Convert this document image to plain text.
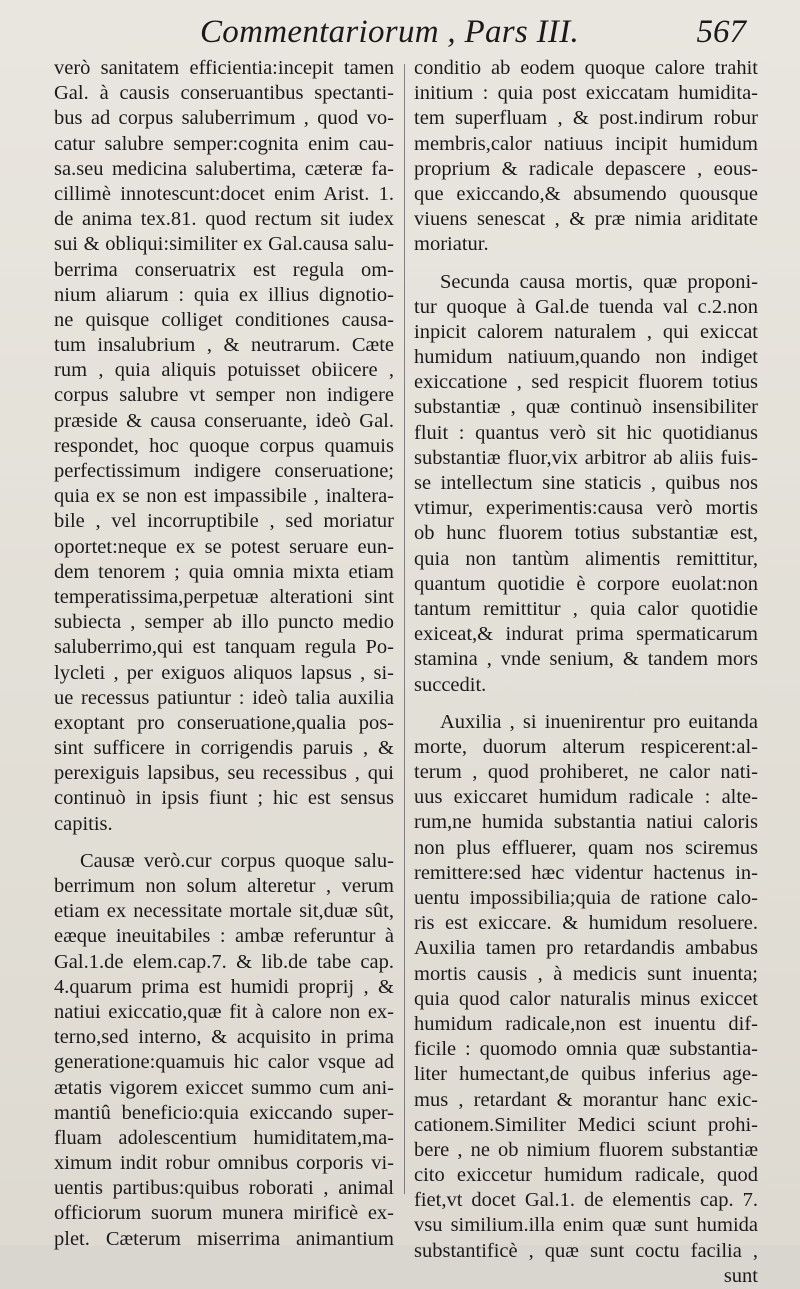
Commentariorum , Pars III.	567
verò sanitatem efficientia:incepit tamen
Gal. à causis conseruantibus spectanti-
bus ad corpus saluberrimum , quod vo-
catur salubre semper:cognita enim cau-
sa.seu medicina salubertima, cæteræ fa-
cillimè innotescunt:docet enim Arist. 1.
de anima tex.81. quod rectum sit iudex
sui & obliqui:similiter ex Gal.causa salu-
berrima conseruatrix est regula om-
nium aliarum : quia ex illius dignotio-
ne quisque colliget conditiones causa-
tum insalubrium , & neutrarum. Cæte
rum , quia aliquis potuisset obiicere ,
corpus salubre vt semper non indigere
præside & causa conseruante, ideò Gal.
respondet, hoc quoque corpus quamuis
perfectissimum indigere conseruatione;
quia ex se non est impassibile , inaltera-
bile , vel incorruptibile , sed moriatur
oportet:neque ex se potest seruare eun-
dem tenorem ; quia omnia mixta etiam
temperatissima,perpetuæ alterationi sint
subiecta , semper ab illo puncto medio
saluberrimo,qui est tanquam regula Po-
lycleti , per exiguos aliquos lapsus , si-
ue recessus patiuntur : ideò talia auxilia
exoptant pro conseruatione,qualia pos-
sint sufficere in corrigendis paruis , &
perexiguis lapsibus, seu recessibus , qui
continuò in ipsis fiunt ; hic est sensus
capitis.
Causæ verò.cur corpus quoque salu-
berrimum non solum alteretur , verum
etiam ex necessitate mortale sit,duæ sût,
eæque ineuitabiles : ambæ referuntur à
Gal.1.de elem.cap.7. & lib.de tabe cap.
4.quarum prima est humidi proprij , &
natiui exiccatio,quæ fit à calore non ex-
terno,sed interno, & acquisito in prima
generatione:quamuis hic calor vsque ad
ætatis vigorem exiccet summo cum ani-
mantiû beneficio:quia exiccando super-
fluam adolescentium humiditatem,ma-
ximum indit robur omnibus corporis vi-
uentis partibus:quibus roborati , animal
officiorum suorum munera mirificè ex-
plet. Cæterum miserrima animantium
conditio ab eodem quoque calore trahit
initium : quia post exiccatam humidita-
tem superfluam , & post.indirum robur
membris,calor natiuus incipit humidum
proprium & radicale depascere , eous-
que exiccando,& absumendo quousque
viuens senescat , & præ nimia ariditate
moriatur.
Secunda causa mortis, quæ proponi-
tur quoque à Gal.de tuenda val c.2.non
inpicit calorem naturalem , qui exiccat
humidum natiuum,quando non indiget
exiccatione , sed respicit fluorem totius
substantiæ , quæ continuò insensibiliter
fluit : quantus verò sit hic quotidianus
substantiæ fluor,vix arbitror ab aliis fuis-
se intellectum sine staticis , quibus nos
vtimur, experimentis:causa verò mortis
ob hunc fluorem totius substantiæ est,
quia non tantùm alimentis remittitur,
quantum quotidie è corpore euolat:non
tantum remittitur , quia calor quotidie
exiceat,& indurat prima spermaticarum
stamina , vnde senium, & tandem mors
succedit.
Auxilia , si inuenirentur pro euitanda
morte, duorum alterum respicerent:al-
terum , quod prohiberet, ne calor nati-
uus exiccaret humidum radicale : alte-
rum,ne humida substantia natiui caloris
non plus effluerer, quam nos sciremus
remittere:sed hæc videntur hactenus in-
uentu impossibilia;quia de ratione calo-
ris est exiccare. & humidum resoluere.
Auxilia tamen pro retardandis ambabus
mortis causis , à medicis sunt inuenta;
quia quod calor naturalis minus exiccet
humidum radicale,non est inuentu dif-
ficile : quomodo omnia quæ substantia-
liter humectant,de quibus inferius age-
mus , retardant & morantur hanc exic-
cationem.Similiter Medici sciunt prohi-
bere , ne ob nimium fluorem substantiæ
cito exiccetur humidum radicale, quod
fiet,vt docet Gal.1. de elementis cap. 7.
vsu similium.illa enim quæ sunt humida
substantificè , quæ sunt coctu facilia ,
sunt
